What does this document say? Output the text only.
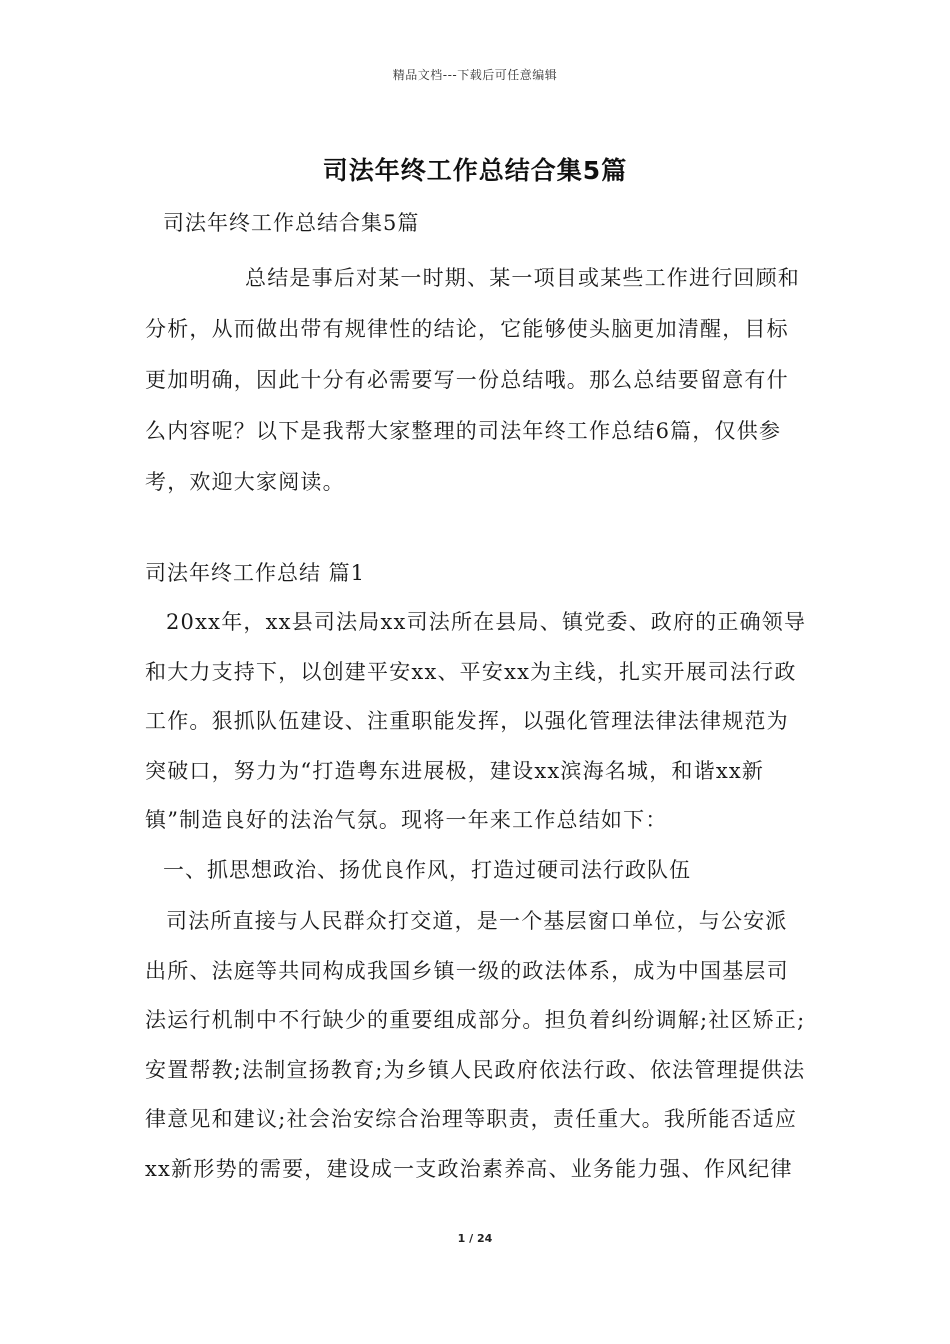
精品文档---下载后可任意编辑
司法年终工作总结合集5篇
司法年终工作总结合集5篇
总结是事后对某一时期、某一项目或某些工作进行回顾和分析，从而做出带有规律性的结论，它能够使头脑更加清醒，目标更加明确，因此十分有必需要写一份总结哦。那么总结要留意有什么内容呢？以下是我帮大家整理的司法年终工作总结6篇，仅供参考，欢迎大家阅读。
司法年终工作总结 篇1
20xx年，xx县司法局xx司法所在县局、镇党委、政府的正确领导和大力支持下，以创建平安xx、平安xx为主线，扎实开展司法行政工作。狠抓队伍建设、注重职能发挥，以强化管理法律法律规范为突破口，努力为“打造粤东进展极，建设xx滨海名城，和谐xx新镇”制造良好的法治气氛。现将一年来工作总结如下：
一、抓思想政治、扬优良作风，打造过硬司法行政队伍
司法所直接与人民群众打交道，是一个基层窗口单位，与公安派出所、法庭等共同构成我国乡镇一级的政法体系，成为中国基层司法运行机制中不行缺少的重要组成部分。担负着纠纷调解;社区矫正;安置帮教;法制宣扬教育;为乡镇人民政府依法行政、依法管理提供法律意见和建议;社会治安综合治理等职责，责任重大。我所能否适应xx新形势的需要，建设成一支政治素养高、业务能力强、作风纪律
1 / 24
